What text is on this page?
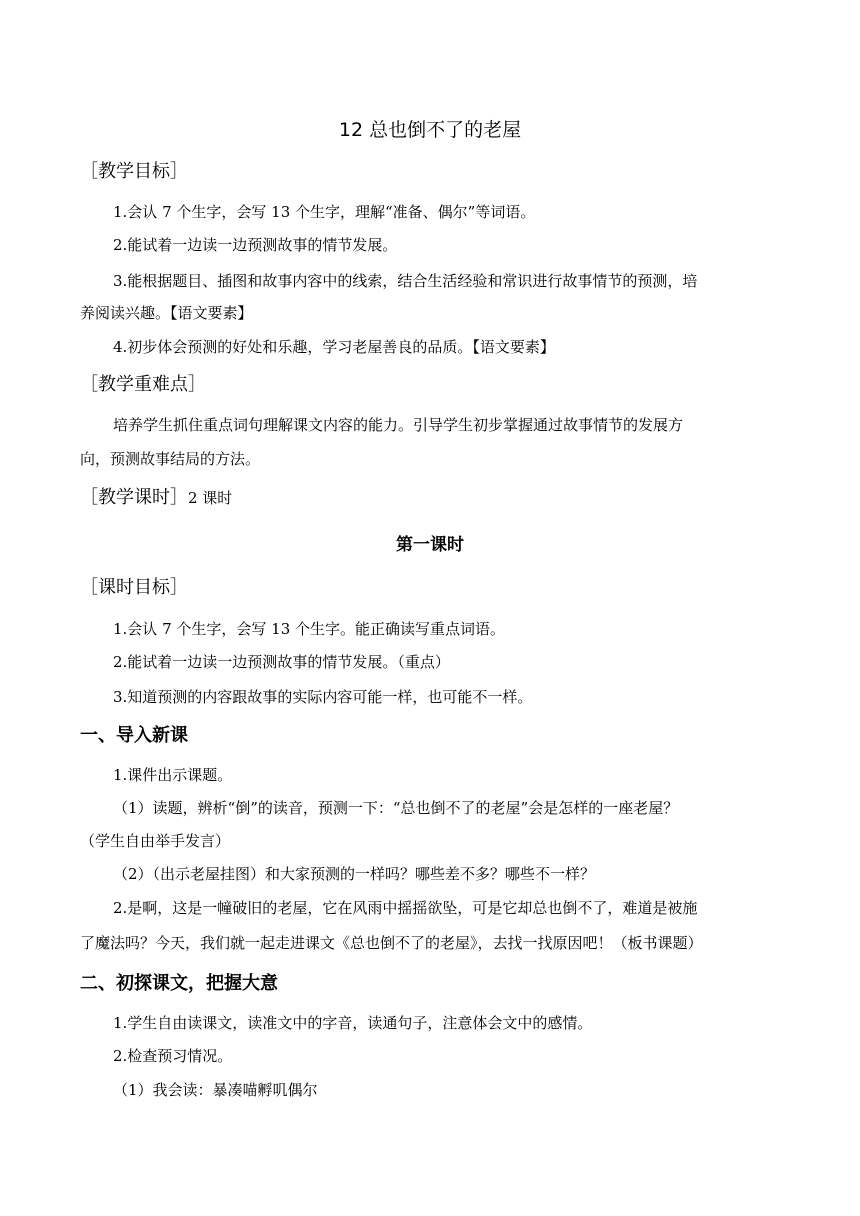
12 总也倒不了的老屋
［教学目标］
1.会认 7 个生字，会写 13 个生字，理解“准备、偶尔”等词语。
2.能试着一边读一边预测故事的情节发展。
3.能根据题目、插图和故事内容中的线索，结合生活经验和常识进行故事情节的预测，培
养阅读兴趣。【语文要素】
4.初步体会预测的好处和乐趣，学习老屋善良的品质。【语文要素】
［教学重难点］
培养学生抓住重点词句理解课文内容的能力。引导学生初步掌握通过故事情节的发展方
向，预测故事结局的方法。
［教学课时］2 课时
第一课时
［课时目标］
1.会认 7 个生字，会写 13 个生字。能正确读写重点词语。
2.能试着一边读一边预测故事的情节发展。（重点）
3.知道预测的内容跟故事的实际内容可能一样，也可能不一样。
一、导入新课
1.课件出示课题。
（1）读题，辨析“倒”的读音，预测一下：“总也倒不了的老屋”会是怎样的一座老屋？
（学生自由举手发言）
（2）（出示老屋挂图）和大家预测的一样吗？哪些差不多？哪些不一样？
2.是啊，这是一幢破旧的老屋，它在风雨中摇摇欲坠，可是它却总也倒不了，难道是被施
了魔法吗？今天，我们就一起走进课文《总也倒不了的老屋》，去找一找原因吧！（板书课题）
二、初探课文，把握大意
1.学生自由读课文，读准文中的字音，读通句子，注意体会文中的感情。
2.检查预习情况。
（1）我会读：暴凑喵孵叽偶尔
